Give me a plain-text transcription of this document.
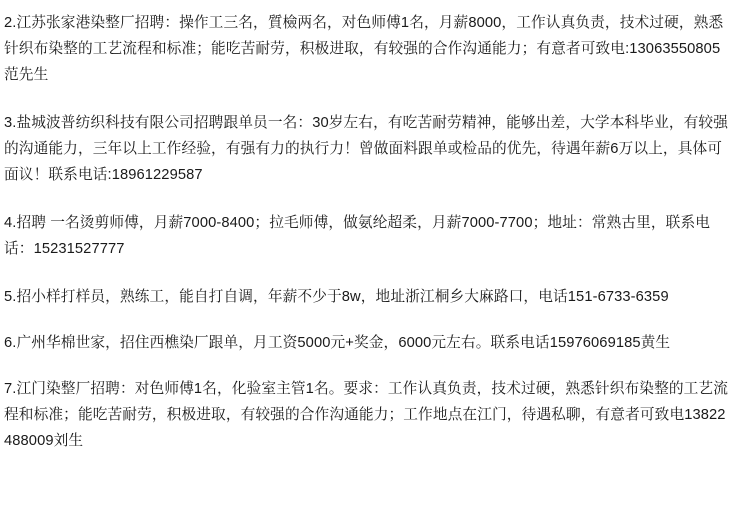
2.江苏张家港染整厂招聘：操作工三名，質檢两名，对色师傅1名，月薪8000，工作认真负责，技术过硬，熟悉针织布染整的工艺流程和标准；能吃苦耐劳，积极进取，有较强的合作沟通能力；有意者可致电:13063550805范先生

3.盐城波普纺织科技有限公司招聘跟单员一名：30岁左右，有吃苦耐劳精神，能够出差，大学本科毕业，有较强的沟通能力，三年以上工作经验，有强有力的执行力！曾做面料跟单或检品的优先，待遇年薪6万以上，具体可面议！联系电话:18961229587

4.招聘 一名烫剪师傅，月薪7000-8400；拉毛师傅，做氨纶超柔，月薪7000-7700；地址：常熟古里，联系电话：15231527777

5.招小样打样员，熟练工，能自打自调，年薪不少于8w，地址浙江桐乡大麻路口，电话151-6733-6359

6.广州华棉世家，招住西樵染厂跟单，月工资5000元+奖金，6000元左右。联系电话15976069185黄生

7.江门染整厂招聘：对色师傅1名，化验室主管1名。要求：工作认真负责，技术过硬，熟悉针织布染整的工艺流程和标准；能吃苦耐劳，积极进取，有较强的合作沟通能力；工作地点在江门，待遇私聊，有意者可致电13822488009刘生
